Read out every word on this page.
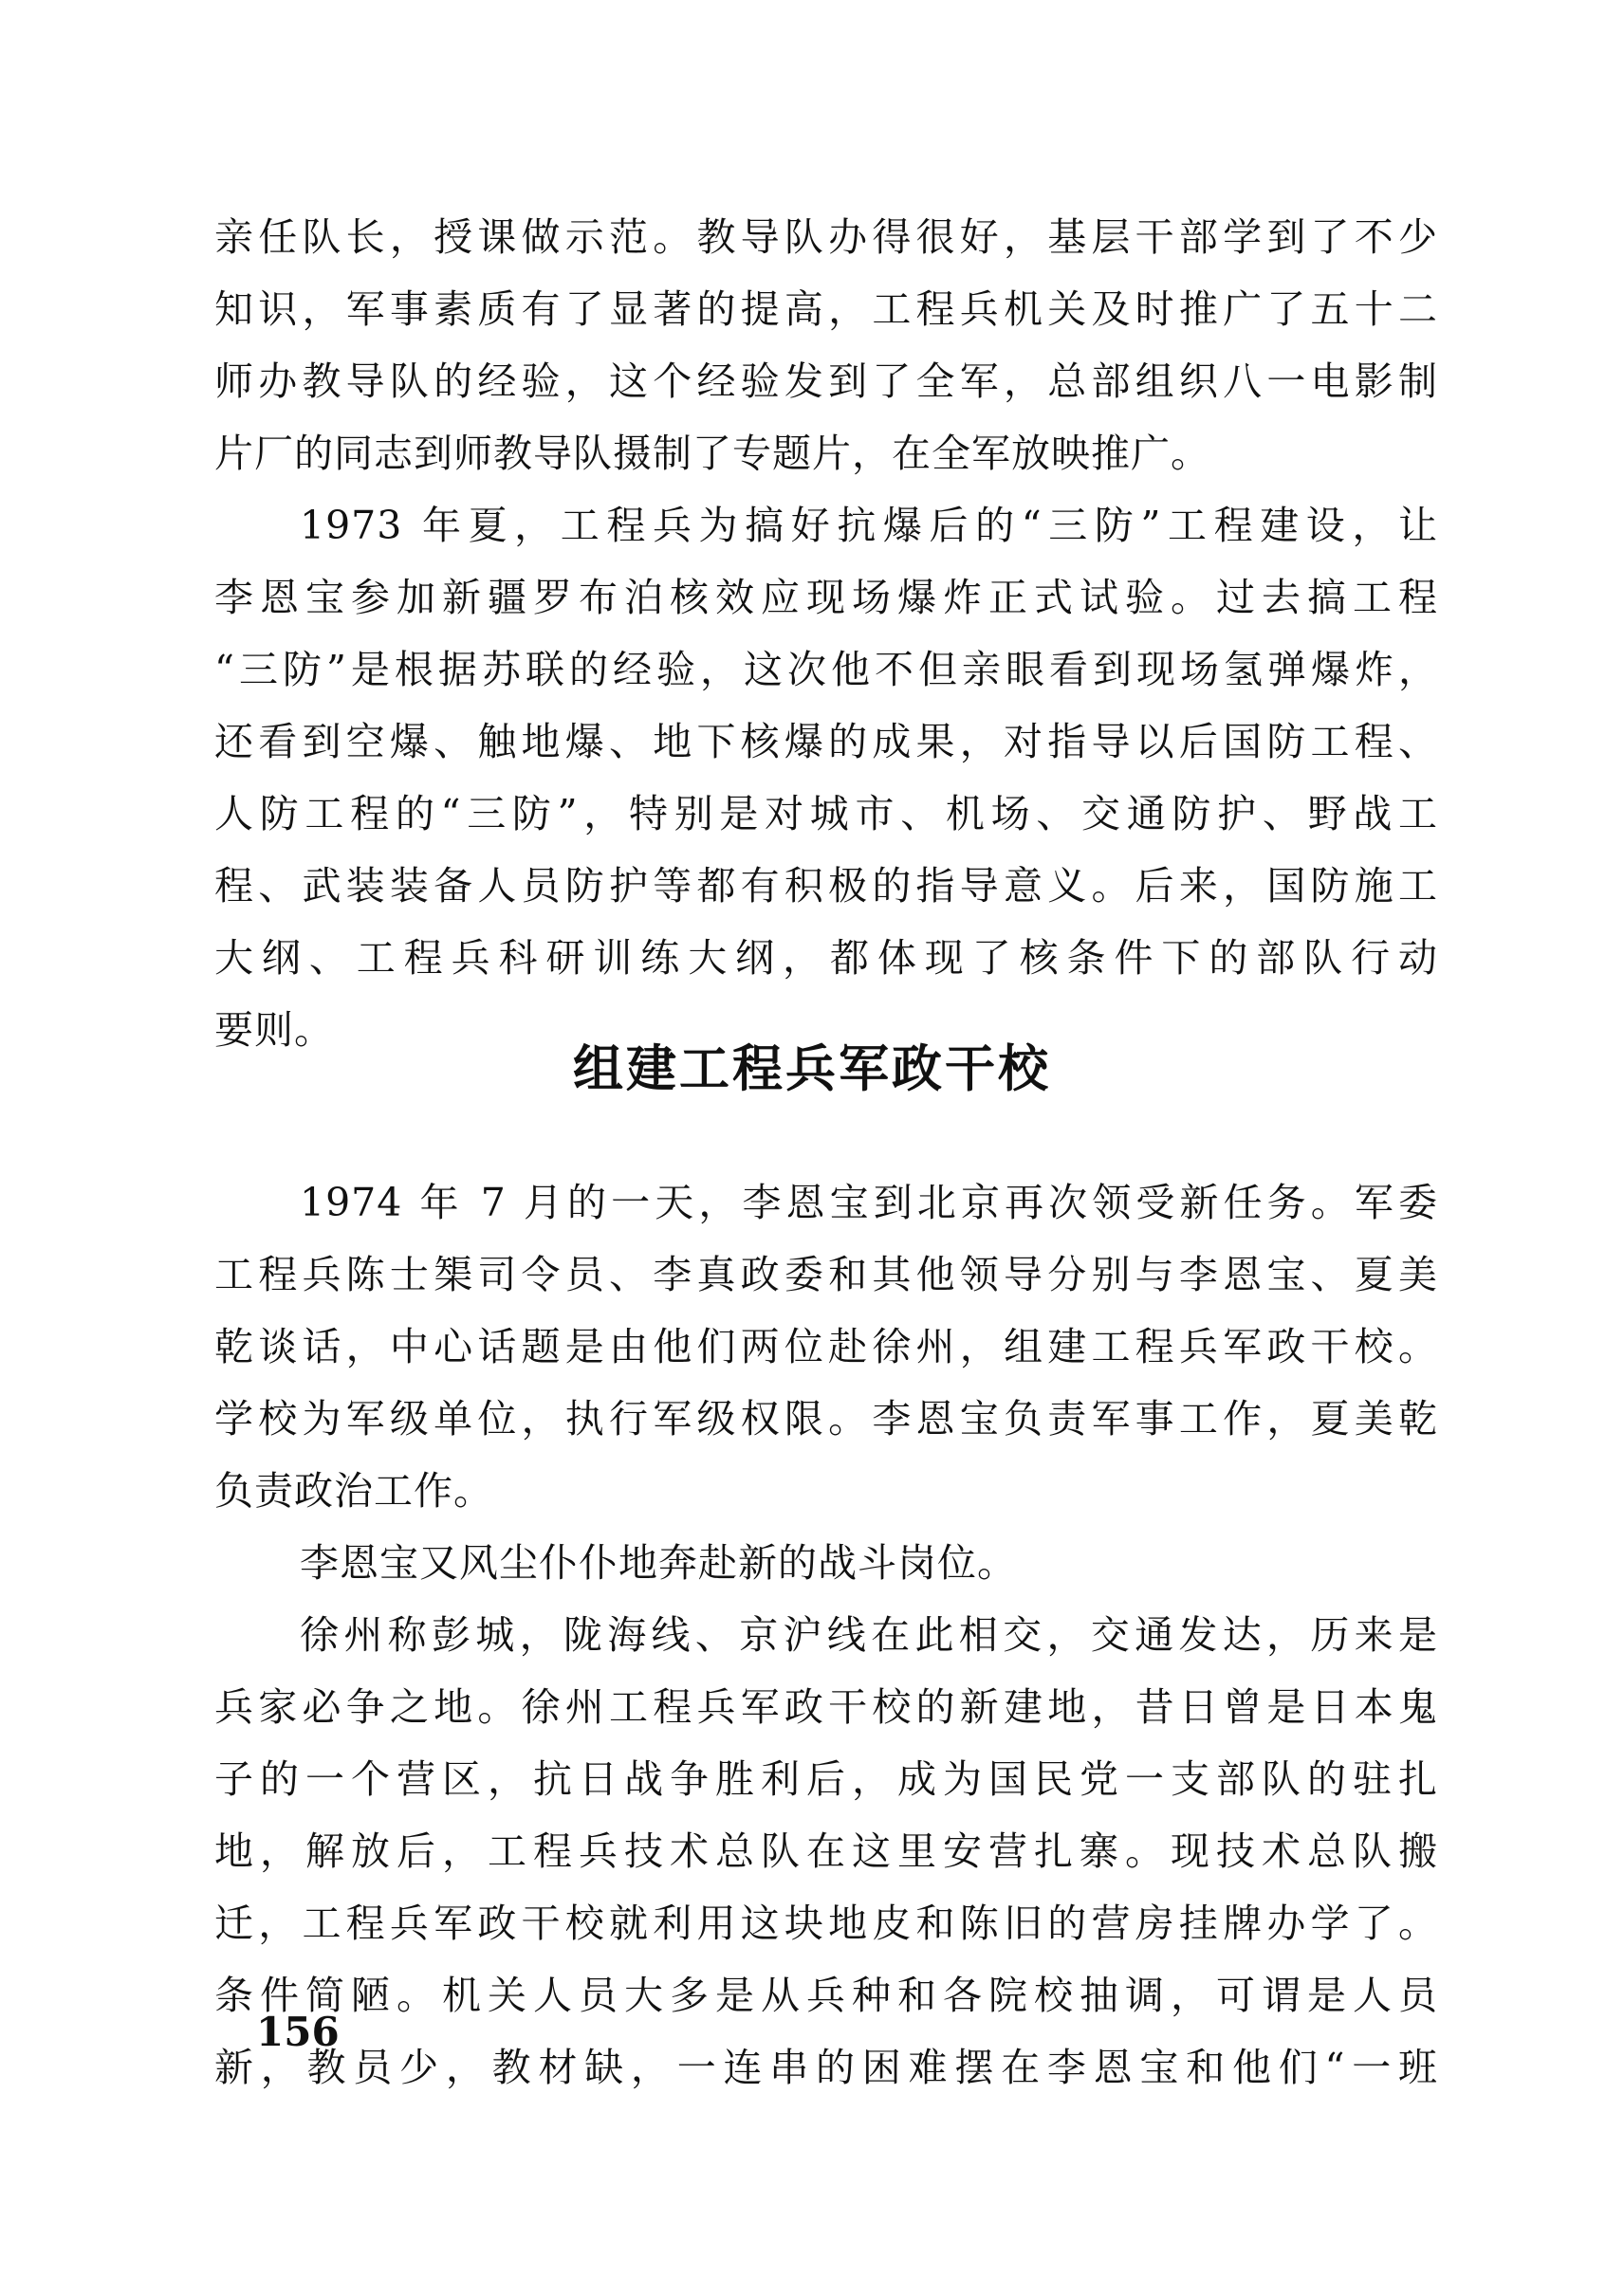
亲任队长，授课做示范。教导队办得很好，基层干部学到了不少
知识，军事素质有了显著的提高，工程兵机关及时推广了五十二
师办教导队的经验，这个经验发到了全军，总部组织八一电影制
片厂的同志到师教导队摄制了专题片，在全军放映推广。
1973 年夏，工程兵为搞好抗爆后的“三防”工程建设，让
李恩宝参加新疆罗布泊核效应现场爆炸正式试验。过去搞工程
“三防”是根据苏联的经验，这次他不但亲眼看到现场氢弹爆炸，
还看到空爆、触地爆、地下核爆的成果，对指导以后国防工程、
人防工程的“三防”，特别是对城市、机场、交通防护、野战工
程、武装装备人员防护等都有积极的指导意义。后来，国防施工
大纲、工程兵科研训练大纲，都体现了核条件下的部队行动
要则。
组建工程兵军政干校
1974 年 7 月的一天，李恩宝到北京再次领受新任务。军委
工程兵陈士榘司令员、李真政委和其他领导分别与李恩宝、夏美
乾谈话，中心话题是由他们两位赴徐州，组建工程兵军政干校。
学校为军级单位，执行军级权限。李恩宝负责军事工作，夏美乾
负责政治工作。
李恩宝又风尘仆仆地奔赴新的战斗岗位。
徐州称彭城，陇海线、京沪线在此相交，交通发达，历来是
兵家必争之地。徐州工程兵军政干校的新建地，昔日曾是日本鬼
子的一个营区，抗日战争胜利后，成为国民党一支部队的驻扎
地，解放后，工程兵技术总队在这里安营扎寨。现技术总队搬
迁，工程兵军政干校就利用这块地皮和陈旧的营房挂牌办学了。
条件简陋。机关人员大多是从兵种和各院校抽调，可谓是人员
新，教员少，教材缺，一连串的困难摆在李恩宝和他们“一班
156
